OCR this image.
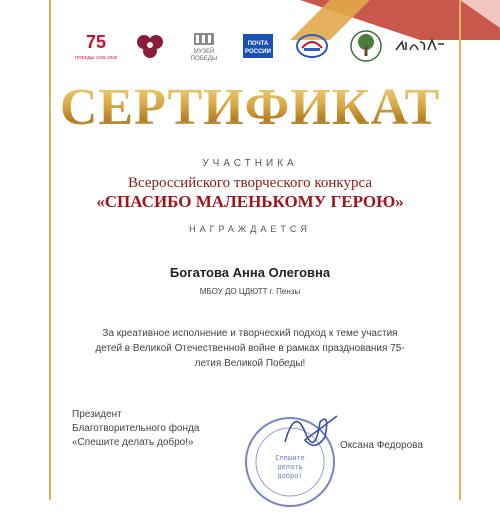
75
ПОБЕДЫ 1945-2020
МУЗЕЙ
ПОБЕДЫ
ПОЧТА
РОССИИ
СЕРТИФИКАТ
УЧАСТНИКА
Всероссийского творческого конкурса
«СПАСИБО МАЛЕНЬКОМУ ГЕРОЮ»
НАГРАЖДАЕТСЯ
Богатова Анна Олеговна
МБОУ ДО ЦДЮТТ г. Пензы
За креативное исполнение и творческий подход к теме участия детей в Великой Отечественной войне в рамках празднования 75-летия Великой Победы!
Президент
Благотворительного фонда
«Спешите делать добро!»
Спешите
делать
добро!
Оксана Федорова
